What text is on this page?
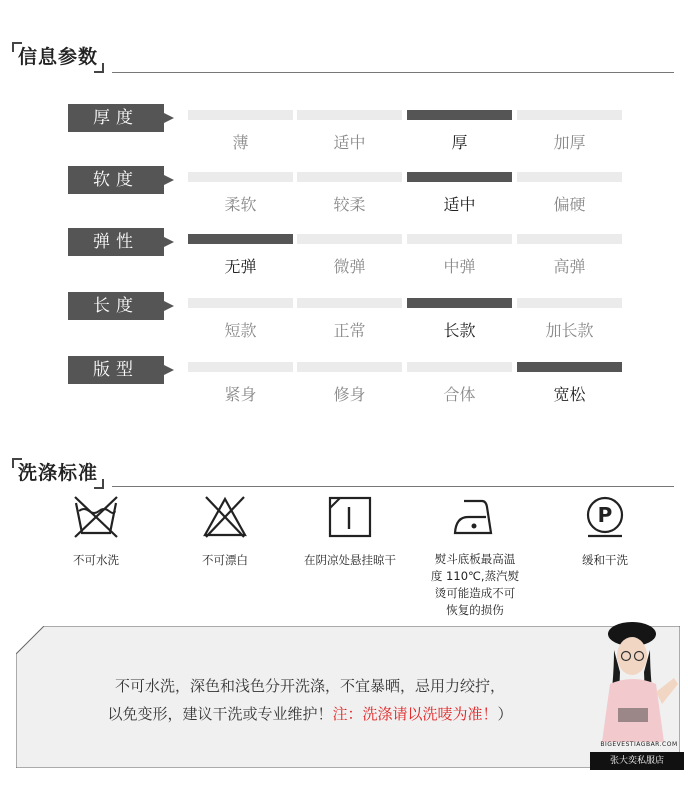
信息参数
厚度
薄	适中	厚	加厚
软度
柔软	较柔	适中	偏硬
弹性
无弹	微弹	中弹	高弹
长度
短款	正常	长款	加长款
版型
紧身	修身	合体	宽松
洗涤标准
不可水洗	不可漂白	在阴凉处悬挂晾干	熨斗底板最高温
度 110℃,蒸汽熨
烫可能造成不可
恢复的损伤
P
缓和干洗
不可水洗，深色和浅色分开洗涤，不宜暴晒，忌用力绞拧，
以免变形，建议干洗或专业维护！注：洗涤请以洗唛为准！）
BIGEVESTIAGBAR.COM
张大奕私服店
